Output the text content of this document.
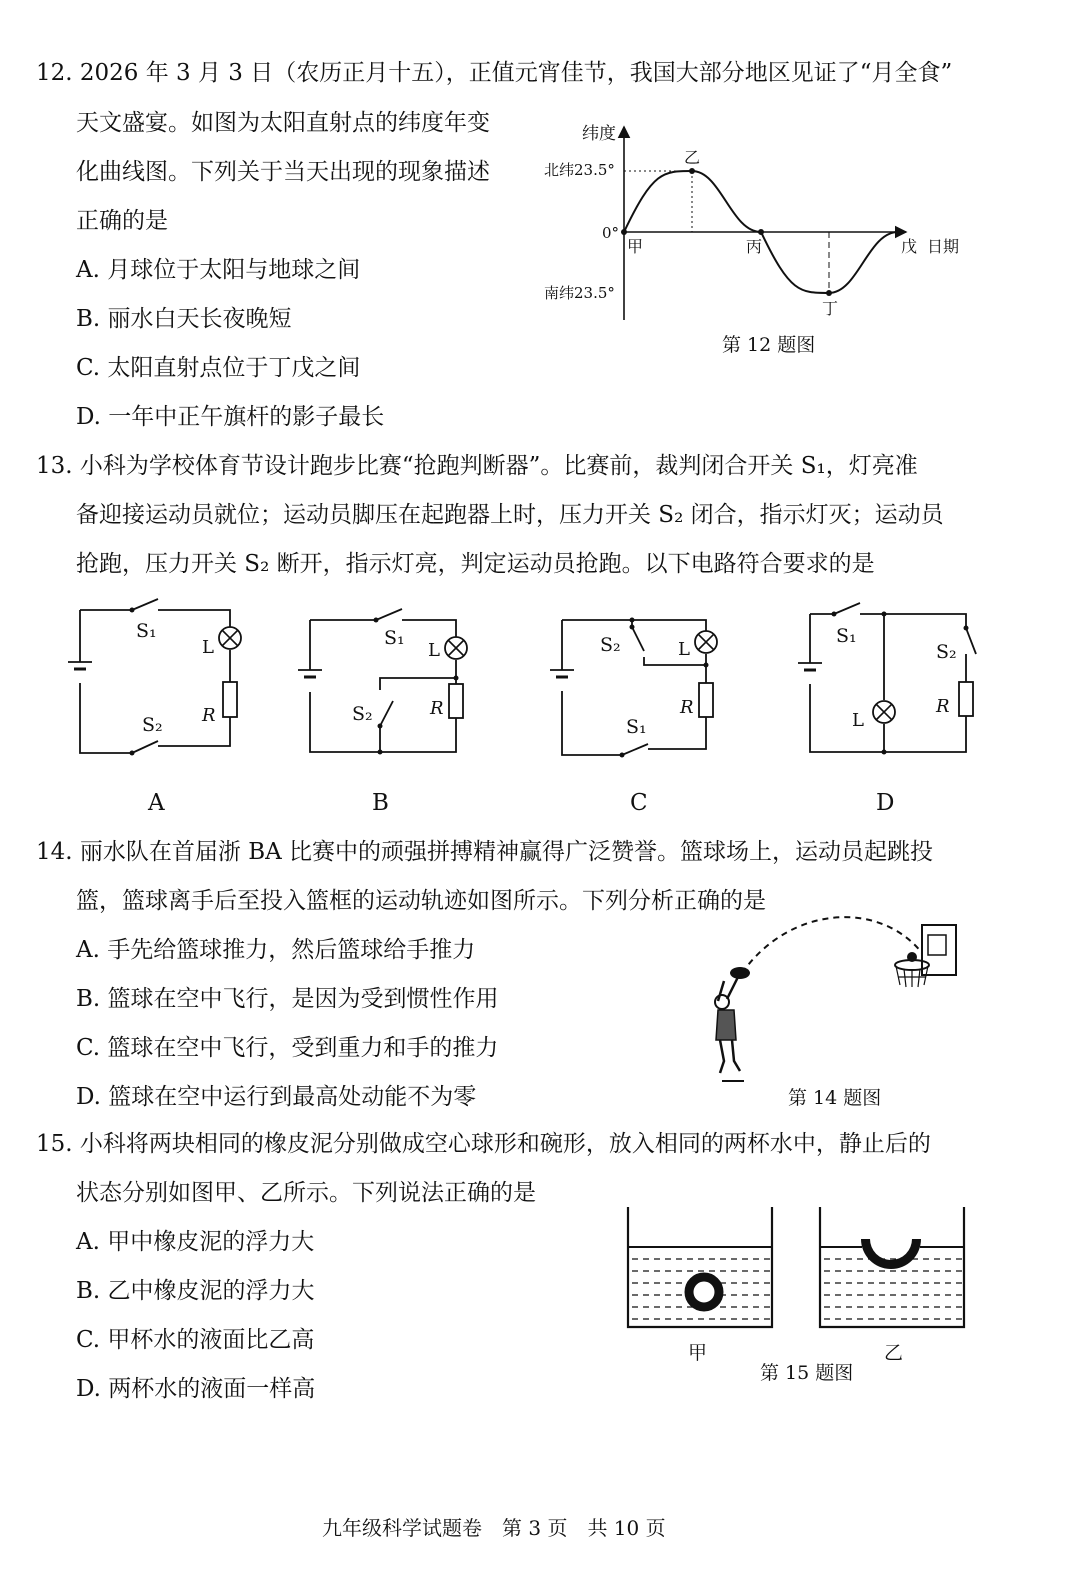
12. 2026 年 3 月 3 日（农历正月十五），正值元宵佳节，我国大部分地区见证了“月全食”
天文盛宴。如图为太阳直射点的纬度年变
化曲线图。下列关于当天出现的现象描述
正确的是
A. 月球位于太阳与地球之间
B. 丽水白天长夜晚短
C. 太阳直射点位于丁戊之间
D. 一年中正午旗杆的影子最长
纬度
日期
北纬23.5°
0°
南纬23.5°
甲
乙
丙
丁
戊
第 12 题图
13. 小科为学校体育节设计跑步比赛“抢跑判断器”。比赛前，裁判闭合开关 S₁，灯亮准
备迎接运动员就位；运动员脚压在起跑器上时，压力开关 S₂ 闭合，指示灯灭；运动员
抢跑，压力开关 S₂ 断开，指示灯亮，判定运动员抢跑。以下电路符合要求的是
S₁
L
R
S₂
A
S₁
L
R
S₂
B
S₂	L
R
S₁
C
S₁
S₂
L
R
D
14. 丽水队在首届浙 BA 比赛中的顽强拼搏精神赢得广泛赞誉。篮球场上，运动员起跳投
篮，篮球离手后至投入篮框的运动轨迹如图所示。下列分析正确的是
A. 手先给篮球推力，然后篮球给手推力
B. 篮球在空中飞行，是因为受到惯性作用
C. 篮球在空中飞行，受到重力和手的推力
D. 篮球在空中运行到最高处动能不为零	第 14 题图
15. 小科将两块相同的橡皮泥分别做成空心球形和碗形，放入相同的两杯水中，静止后的
状态分别如图甲、乙所示。下列说法正确的是
A. 甲中橡皮泥的浮力大
B. 乙中橡皮泥的浮力大
C. 甲杯水的液面比乙高
D. 两杯水的液面一样高
甲	乙
第 15 题图
九年级科学试题卷　第 3 页　共 10 页
